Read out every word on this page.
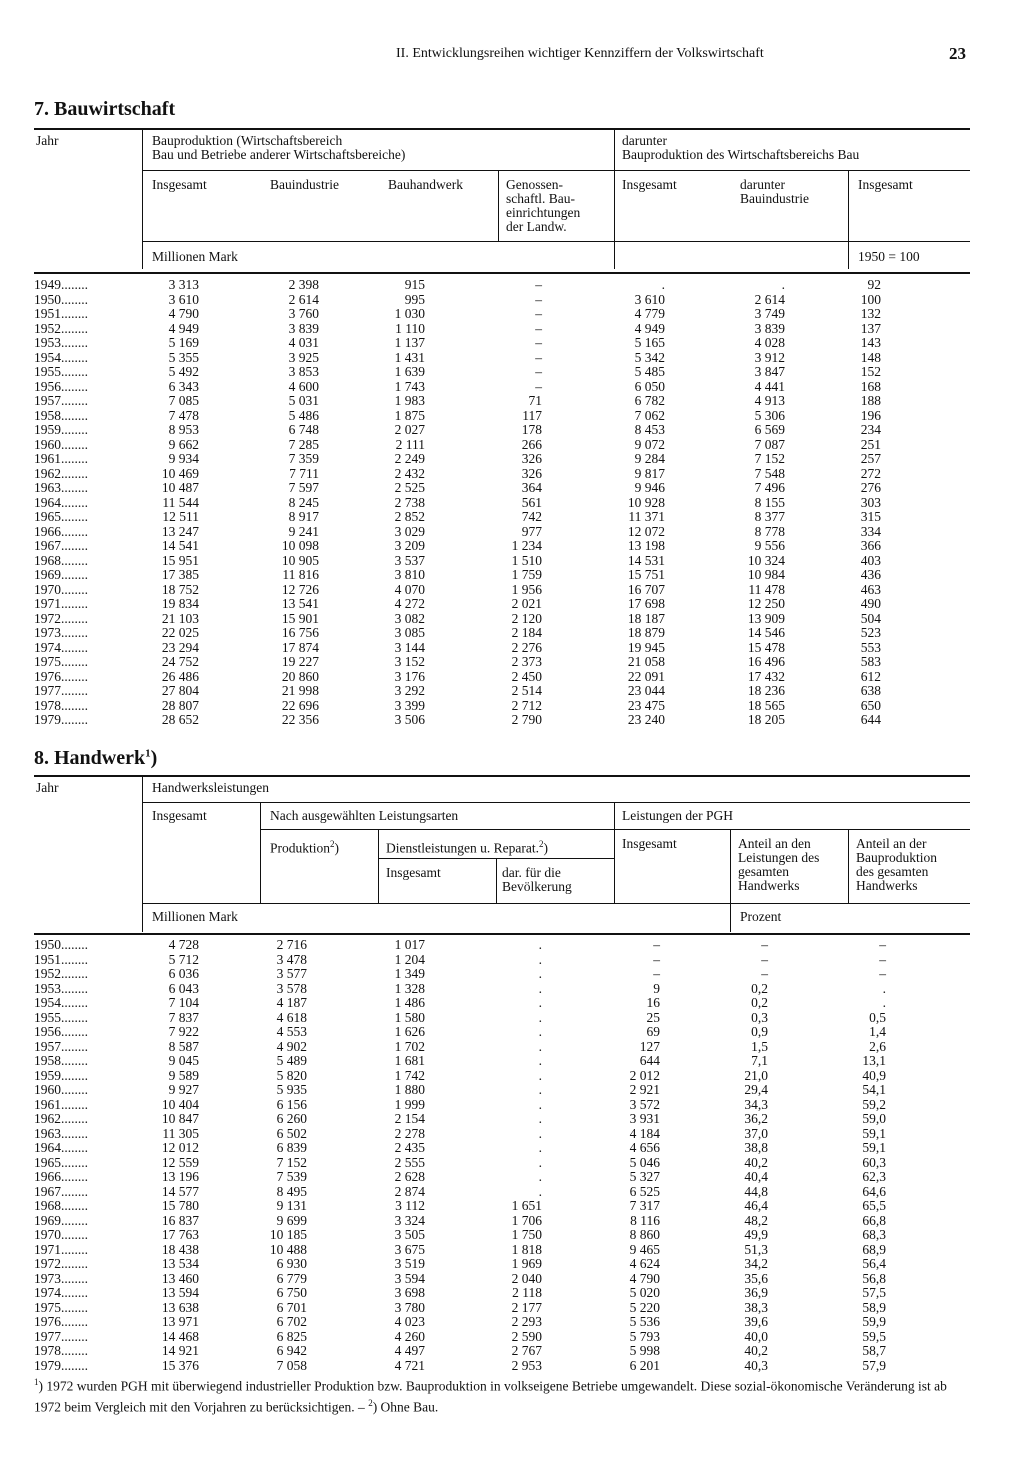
II. Entwicklungsreihen wichtiger Kennziffern der Volkswirtschaft	23
7. Bauwirtschaft
Jahr	Bauproduktion (Wirtschaftsbereich
Bau und Betriebe anderer Wirtschaftsbereiche)
darunter
Bauproduktion des Wirtschaftsbereichs Bau
Insgesamt	Bauindustrie	Bauhandwerk	Genossen-
schaftl. Bau-
einrichtungen
der Landw.
Insgesamt	darunter
Bauindustrie
Insgesamt
Millionen Mark	1950 = 100
1949........	3 313	2 398	915	–	.	.	92
1950........	3 610	2 614	995	–	3 610	2 614	100
1951........	4 790	3 760	1 030	–	4 779	3 749	132
1952........	4 949	3 839	1 110	–	4 949	3 839	137
1953........	5 169	4 031	1 137	–	5 165	4 028	143
1954........	5 355	3 925	1 431	–	5 342	3 912	148
1955........	5 492	3 853	1 639	–	5 485	3 847	152
1956........	6 343	4 600	1 743	–	6 050	4 441	168
1957........	7 085	5 031	1 983	71	6 782	4 913	188
1958........	7 478	5 486	1 875	117	7 062	5 306	196
1959........	8 953	6 748	2 027	178	8 453	6 569	234
1960........	9 662	7 285	2 111	266	9 072	7 087	251
1961........	9 934	7 359	2 249	326	9 284	7 152	257
1962........	10 469	7 711	2 432	326	9 817	7 548	272
1963........	10 487	7 597	2 525	364	9 946	7 496	276
1964........	11 544	8 245	2 738	561	10 928	8 155	303
1965........	12 511	8 917	2 852	742	11 371	8 377	315
1966........	13 247	9 241	3 029	977	12 072	8 778	334
1967........	14 541	10 098	3 209	1 234	13 198	9 556	366
1968........	15 951	10 905	3 537	1 510	14 531	10 324	403
1969........	17 385	11 816	3 810	1 759	15 751	10 984	436
1970........	18 752	12 726	4 070	1 956	16 707	11 478	463
1971........	19 834	13 541	4 272	2 021	17 698	12 250	490
1972........	21 103	15 901	3 082	2 120	18 187	13 909	504
1973........	22 025	16 756	3 085	2 184	18 879	14 546	523
1974........	23 294	17 874	3 144	2 276	19 945	15 478	553
1975........	24 752	19 227	3 152	2 373	21 058	16 496	583
1976........	26 486	20 860	3 176	2 450	22 091	17 432	612
1977........	27 804	21 998	3 292	2 514	23 044	18 236	638
1978........	28 807	22 696	3 399	2 712	23 475	18 565	650
1979........	28 652	22 356	3 506	2 790	23 240	18 205	644
8. Handwerk$^1$)
Jahr	Handwerksleistungen
Insgesamt	Nach ausgewählten Leistungsarten	Leistungen der PGH
Produktion$^2$)	Dienstleistungen u. Reparat.$^2$)	Insgesamt	Anteil an den
Leistungen des
gesamten
Handwerks
Anteil an der
Bauproduktion
des gesamten
Handwerks
Insgesamt	dar. für die
Bevölkerung
Millionen Mark	Prozent
1950........	4 728	2 716	1 017	.	–	–	–
1951........	5 712	3 478	1 204	.	–	–	–
1952........	6 036	3 577	1 349	.	–	–	–
1953........	6 043	3 578	1 328	.	9	0,2	.
1954........	7 104	4 187	1 486	.	16	0,2	.
1955........	7 837	4 618	1 580	.	25	0,3	0,5
1956........	7 922	4 553	1 626	.	69	0,9	1,4
1957........	8 587	4 902	1 702	.	127	1,5	2,6
1958........	9 045	5 489	1 681	.	644	7,1	13,1
1959........	9 589	5 820	1 742	.	2 012	21,0	40,9
1960........	9 927	5 935	1 880	.	2 921	29,4	54,1
1961........	10 404	6 156	1 999	.	3 572	34,3	59,2
1962........	10 847	6 260	2 154	.	3 931	36,2	59,0
1963........	11 305	6 502	2 278	.	4 184	37,0	59,1
1964........	12 012	6 839	2 435	.	4 656	38,8	59,1
1965........	12 559	7 152	2 555	.	5 046	40,2	60,3
1966........	13 196	7 539	2 628	.	5 327	40,4	62,3
1967........	14 577	8 495	2 874	.	6 525	44,8	64,6
1968........	15 780	9 131	3 112	1 651	7 317	46,4	65,5
1969........	16 837	9 699	3 324	1 706	8 116	48,2	66,8
1970........	17 763	10 185	3 505	1 750	8 860	49,9	68,3
1971........	18 438	10 488	3 675	1 818	9 465	51,3	68,9
1972........	13 534	6 930	3 519	1 969	4 624	34,2	56,4
1973........	13 460	6 779	3 594	2 040	4 790	35,6	56,8
1974........	13 594	6 750	3 698	2 118	5 020	36,9	57,5
1975........	13 638	6 701	3 780	2 177	5 220	38,3	58,9
1976........	13 971	6 702	4 023	2 293	5 536	39,6	59,9
1977........	14 468	6 825	4 260	2 590	5 793	40,0	59,5
1978........	14 921	6 942	4 497	2 767	5 998	40,2	58,7
1979........	15 376	7 058	4 721	2 953	6 201	40,3	57,9
$^1$) 1972 wurden PGH mit überwiegend industrieller Produktion bzw. Bauproduktion in volkseigene Betriebe umgewandelt. Diese sozial-ökonomische Veränderung ist ab 1972 beim Vergleich mit den Vorjahren zu berücksichtigen. – $^2$) Ohne Bau.
